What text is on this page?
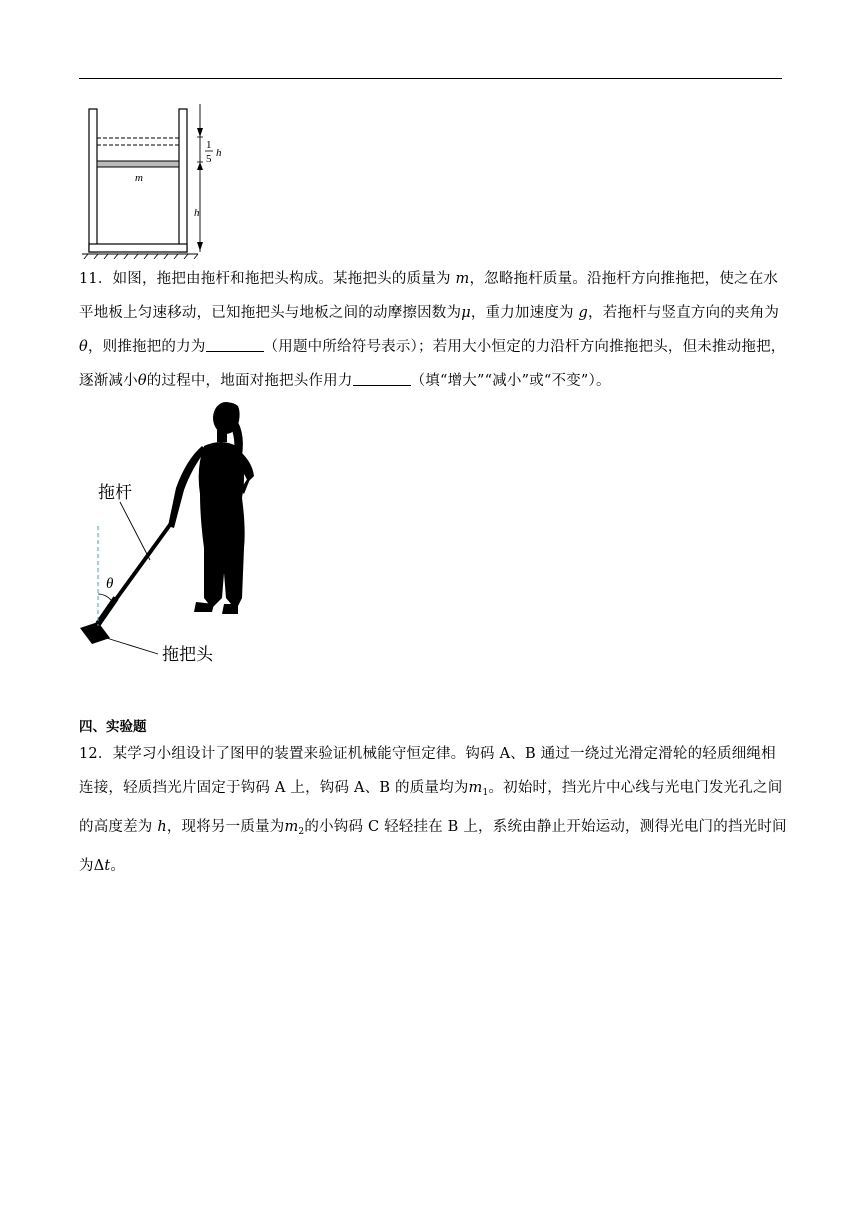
m
1
5 h
h
11．如图，拖把由拖杆和拖把头构成。某拖把头的质量为 m，忽略拖杆质量。沿拖杆方向推拖把，使之在水平地板上匀速移动，已知拖把头与地板之间的动摩擦因数为μ，重力加速度为 g，若拖杆与竖直方向的夹角为θ，则推拖把的力为	（用题中所给符号表示）；若用大小恒定的力沿杆方向推拖把头，但未推动拖把，逐渐减小θ的过程中，地面对拖把头作用力	（填“增大”“减小”或“不变”）。
θ
拖杆
拖把头
四、实验题
12．某学习小组设计了图甲的装置来验证机械能守恒定律。钩码 A、B 通过一绕过光滑定滑轮的轻质细绳相连接，轻质挡光片固定于钩码 A 上，钩码 A、B 的质量均为$m_1$。初始时，挡光片中心线与光电门发光孔之间的高度差为 h，现将另一质量为$m_2$的小钩码 C 轻轻挂在 B 上，系统由静止开始运动，测得光电门的挡光时间为Δt。
